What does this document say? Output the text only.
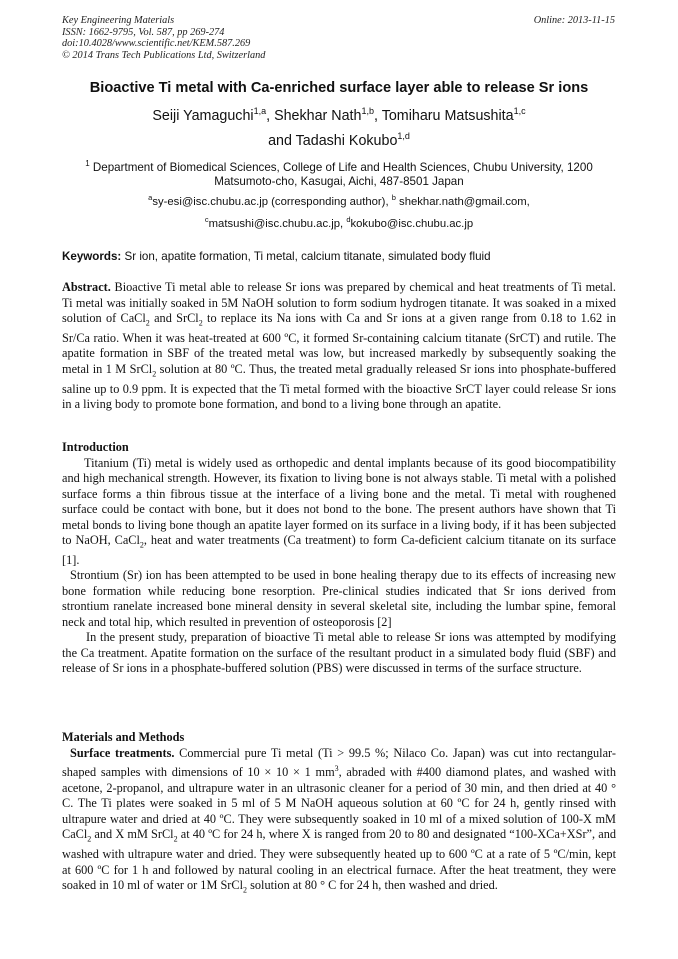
Key Engineering Materials
ISSN: 1662-9795, Vol. 587, pp 269-274
doi:10.4028/www.scientific.net/KEM.587.269
© 2014 Trans Tech Publications Ltd, Switzerland
Online: 2013-11-15
Bioactive Ti metal with Ca-enriched surface layer able to release Sr ions
Seiji Yamaguchi$^{1,a}$, Shekhar Nath$^{1,b}$, Tomiharu Matsushita$^{1,c}$
and Tadashi Kokubo$^{1,d}$
$^1$ Department of Biomedical Sciences, College of Life and Health Sciences, Chubu University, 1200
Matsumoto-cho, Kasugai, Aichi, 487-8501 Japan
$^a$sy-esi@isc.chubu.ac.jp (corresponding author), $^b$ shekhar.nath@gmail.com,
$^c$matsushi@isc.chubu.ac.jp, $^d$kokubo@isc.chubu.ac.jp
Keywords: Sr ion, apatite formation, Ti metal, calcium titanate, simulated body fluid

Abstract. Bioactive Ti metal able to release Sr ions was prepared by chemical and heat treatments of Ti metal. Ti metal was initially soaked in 5M NaOH solution to form sodium hydrogen titanate. It was soaked in a mixed solution of CaCl$_2$ and SrCl$_2$ to replace its Na ions with Ca and Sr ions at a given range from 0.18 to 1.62 in Sr/Ca ratio. When it was heat-treated at 600 ºC, it formed Sr-containing calcium titanate (SrCT) and rutile. The apatite formation in SBF of the treated metal was low, but increased markedly by subsequently soaking the metal in 1 M SrCl$_2$ solution at 80 ºC. Thus, the treated metal gradually released Sr ions into phosphate-buffered saline up to 0.9 ppm. It is expected that the Ti metal formed with the bioactive SrCT layer could release Sr ions in a living body to promote bone formation, and bond to a living bone through an apatite.

Introduction

Titanium (Ti) metal is widely used as orthopedic and dental implants because of its good biocompatibility and high mechanical strength. However, its fixation to living bone is not always stable. Ti metal with a polished surface forms a thin fibrous tissue at the interface of a living bone and the metal. Ti metal with roughened surface could be contact with bone, but it does not bond to the bone. The present authors have shown that Ti metal bonds to living bone though an apatite layer formed on its surface in a living body, if it has been subjected to NaOH, CaCl$_2$, heat and water treatments (Ca treatment) to form Ca-deficient calcium titanate on its surface [1].

Strontium (Sr) ion has been attempted to be used in bone healing therapy due to its effects of increasing new bone formation while reducing bone resorption. Pre-clinical studies indicated that Sr ions derived from strontium ranelate increased bone mineral density in several skeletal site, including the lumbar spine, femoral neck and total hip, which resulted in prevention of osteoporosis [2]

In the present study, preparation of bioactive Ti metal able to release Sr ions was attempted by modifying the Ca treatment. Apatite formation on the surface of the resultant product in a simulated body fluid (SBF) and release of Sr ions in a phosphate-buffered solution (PBS) were discussed in terms of the surface structure.

Materials and Methods

Surface treatments. Commercial pure Ti metal (Ti > 99.5 %; Nilaco Co. Japan) was cut into rectangular-shaped samples with dimensions of 10 × 10 × 1 $mm^3$, abraded with #400 diamond plates, and washed with acetone, 2-propanol, and ultrapure water in an ultrasonic cleaner for a period of 30 min, and then dried at 40 ° C. The Ti plates were soaked in 5 ml of 5 M NaOH aqueous solution at 60 ºC for 24 h, gently rinsed with ultrapure water and dried at 40 ºC. They were subsequently soaked in 10 ml of a mixed solution of 100-X mM CaCl$_2$ and X mM SrCl$_2$ at 40 ºC for 24 h, where X is ranged from 20 to 80 and designated “100-XCa+XSr”, and washed with ultrapure water and dried. They were subsequently heated up to 600 ºC at a rate of 5 ºC/min, kept at 600 ºC for 1 h and followed by natural cooling in an electrical furnace. After the heat treatment, they were soaked in 10 ml of water or 1M SrCl$_2$ solution at 80 ° C for 24 h, then washed and dried.
